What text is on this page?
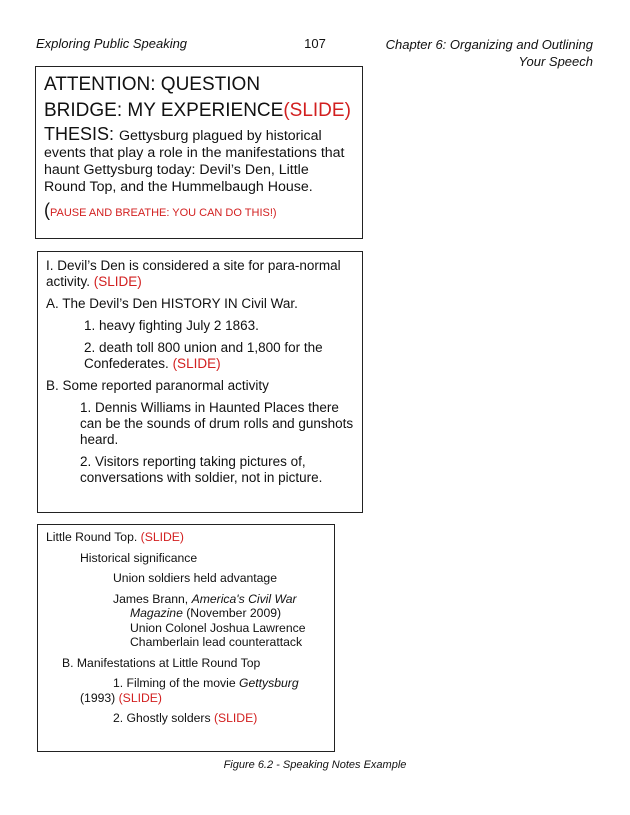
Exploring Public Speaking	107	Chapter 6: Organizing and Outlining
Your Speech
ATTENTION: QUESTION
BRIDGE: MY EXPERIENCE(SLIDE)
THESIS: Gettysburg plagued by historical events that play a role in the manifestations that haunt Gettysburg today: Devil’s Den, Little Round Top, and the Hummelbaugh House.
(PAUSE AND BREATHE: YOU CAN DO THIS!)

I. Devil’s Den is considered a site for para-normal activity. (SLIDE)

A. The Devil’s Den HISTORY IN Civil War.

1. heavy fighting July 2 1863.

2. death toll 800 union and 1,800 for the Confederates. (SLIDE)

B. Some reported paranormal activity

1. Dennis Williams in Haunted Places there can be the sounds of drum rolls and gunshots heard.

2. Visitors reporting taking pictures of, conversations with soldier, not in picture.

Little Round Top. (SLIDE)

Historical significance

Union soldiers held advantage

James Brann, America's Civil War Magazine (November 2009)

Union Colonel Joshua Lawrence Chamberlain lead counterattack

B. Manifestations at Little Round Top

1. Filming of the movie Gettysburg

(1993) (SLIDE)

2. Ghostly solders (SLIDE)

Figure 6.2 - Speaking Notes Example
